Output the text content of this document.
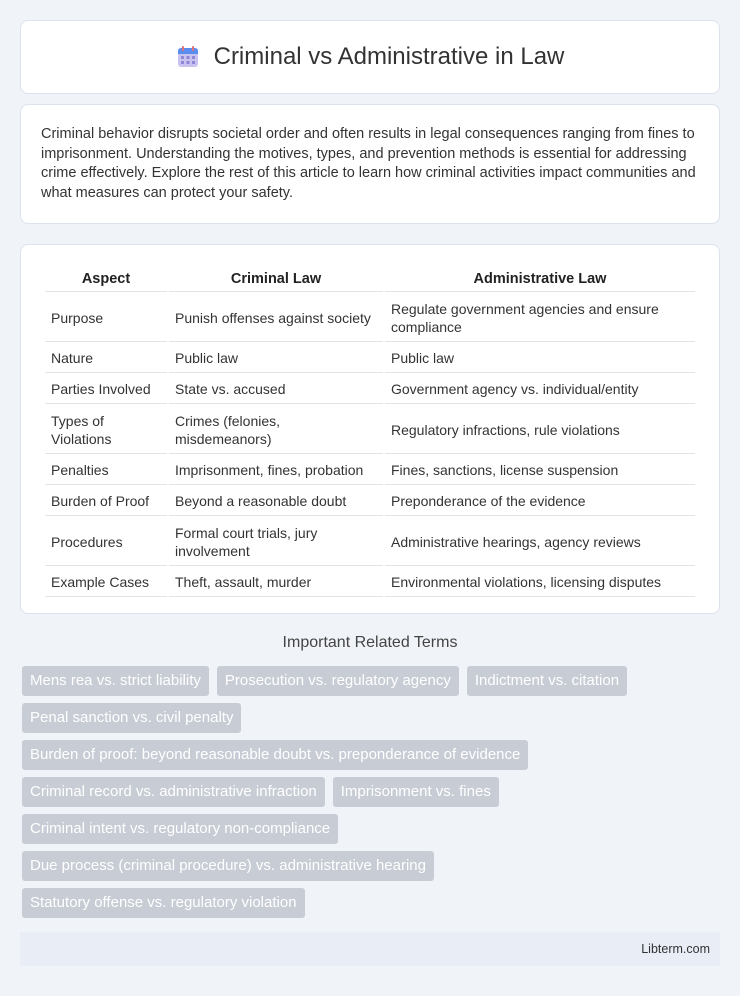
Criminal vs Administrative in Law

Criminal behavior disrupts societal order and often results in legal consequences ranging from fines to imprisonment. Understanding the motives, types, and prevention methods is essential for addressing crime effectively. Explore the rest of this article to learn how criminal activities impact communities and what measures can protect your safety.

Aspect	Criminal Law	Administrative Law
Purpose	Punish offenses against society	Regulate government agencies and ensure compliance
Nature	Public law	Public law
Parties Involved	State vs. accused	Government agency vs. individual/entity
Types of Violations	Crimes (felonies, misdemeanors)	Regulatory infractions, rule violations
Penalties	Imprisonment, fines, probation	Fines, sanctions, license suspension
Burden of Proof	Beyond a reasonable doubt	Preponderance of the evidence
Procedures	Formal court trials, jury involvement	Administrative hearings, agency reviews
Example Cases	Theft, assault, murder	Environmental violations, licensing disputes
Important Related Terms
Mens rea vs. strict liability	Prosecution vs. regulatory agency	Indictment vs. citation
Penal sanction vs. civil penalty
Burden of proof: beyond reasonable doubt vs. preponderance of evidence
Criminal record vs. administrative infraction	Imprisonment vs. fines
Criminal intent vs. regulatory non-compliance
Due process (criminal procedure) vs. administrative hearing
Statutory offense vs. regulatory violation
Libterm.com
